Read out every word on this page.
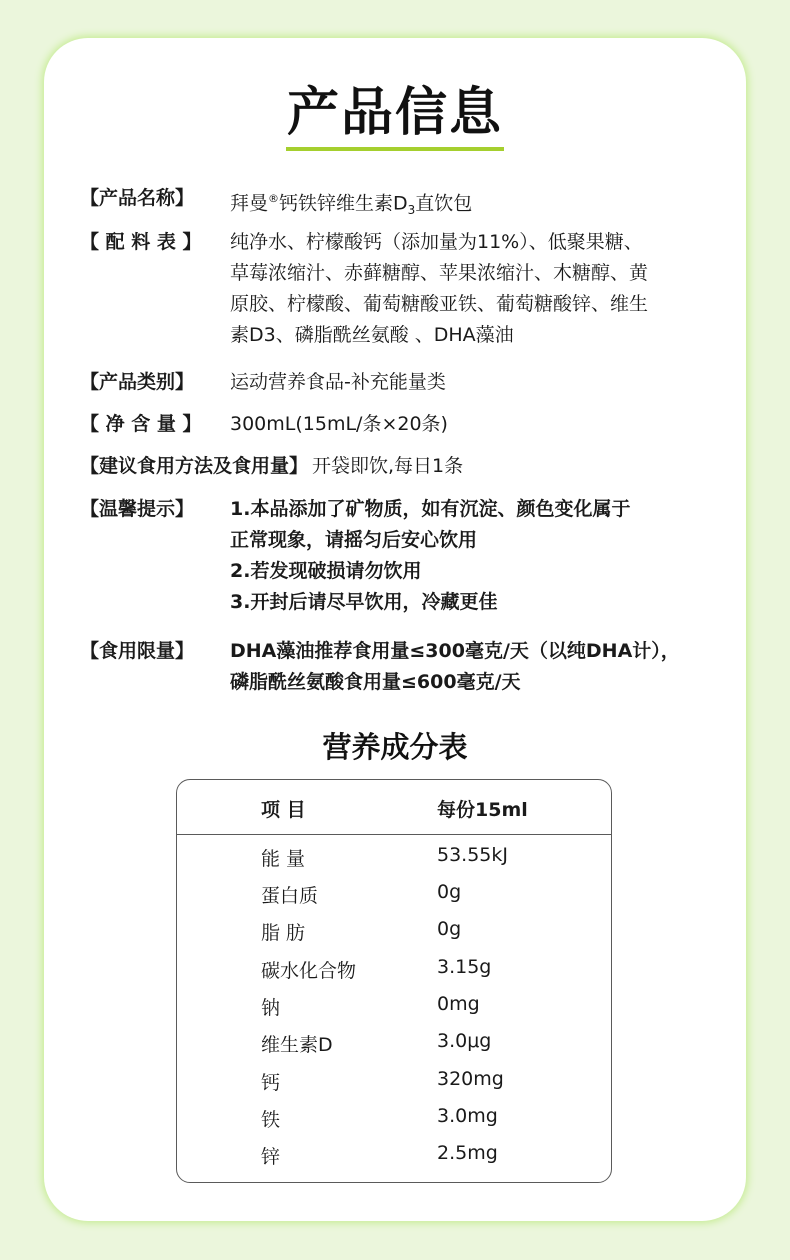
产品信息
【产品名称】 拜曼®钙铁锌维生素$D_3$直饮包
【 配 料 表 】 纯净水、柠檬酸钙（添加量为11%）、低聚果糖、
草莓浓缩汁、赤藓糖醇、苹果浓缩汁、木糖醇、黄
原胶、柠檬酸、葡萄糖酸亚铁、葡萄糖酸锌、维生
素D3、磷脂酰丝氨酸 、DHA藻油
【产品类别】 运动营养食品-补充能量类
【 净 含 量 】 300mL(15mL/条×20条)
【建议食用方法及食用量】 开袋即饮,每日1条
【温馨提示】 1.本品添加了矿物质，如有沉淀、颜色变化属于
正常现象，请摇匀后安心饮用
2.若发现破损请勿饮用
3.开封后请尽早饮用，冷藏更佳
【食用限量】 DHA藻油推荐食用量≤300毫克/天（以纯DHA计），
磷脂酰丝氨酸食用量≤600毫克/天
营养成分表
项 目	每份15ml
能 量	53.55kJ
蛋白质	0g
脂 肪	0g
碳水化合物	3.15g
钠	0mg
维生素D	3.0μg
钙	320mg
铁	3.0mg
锌	2.5mg
